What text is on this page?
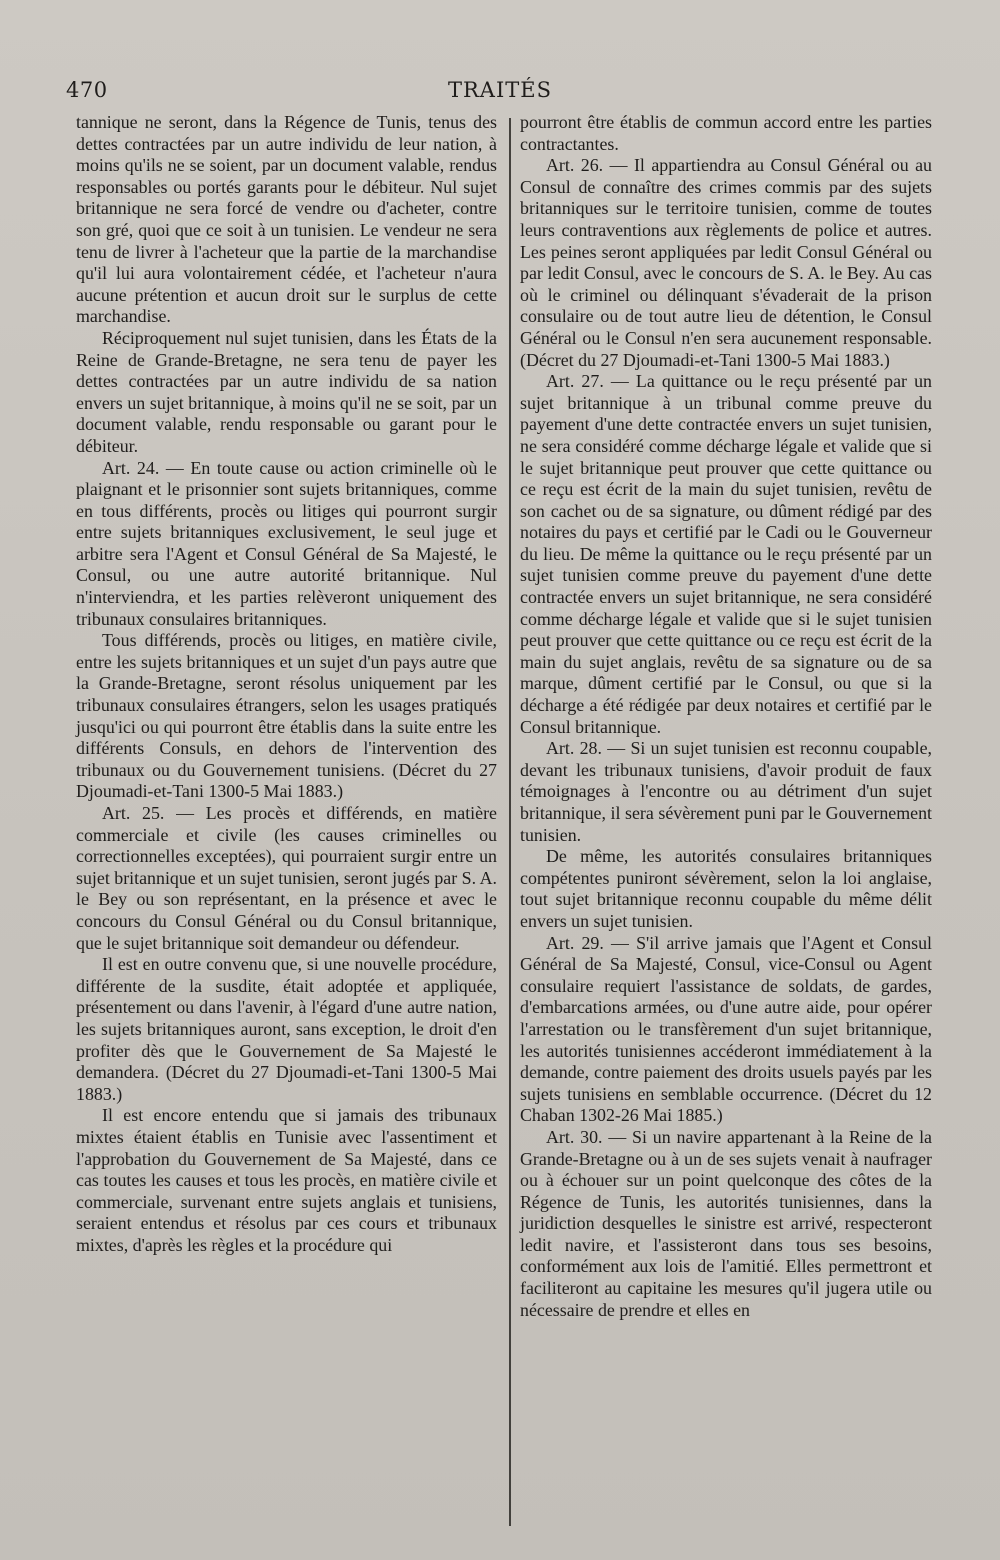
470	TRAITÉS

tannique ne seront, dans la Régence de Tunis, tenus des dettes contractées par un autre individu de leur nation, à moins qu'ils ne se soient, par un document valable, rendus responsables ou portés garants pour le débiteur. Nul sujet britannique ne sera forcé de vendre ou d'acheter, contre son gré, quoi que ce soit à un tunisien. Le vendeur ne sera tenu de livrer à l'acheteur que la partie de la marchandise qu'il lui aura volontairement cédée, et l'acheteur n'aura aucune prétention et aucun droit sur le surplus de cette marchandise.

Réciproquement nul sujet tunisien, dans les États de la Reine de Grande-Bretagne, ne sera tenu de payer les dettes contractées par un autre individu de sa nation envers un sujet britannique, à moins qu'il ne se soit, par un document valable, rendu responsable ou garant pour le débiteur.

Art. 24. — En toute cause ou action criminelle où le plaignant et le prisonnier sont sujets britanniques, comme en tous différents, procès ou litiges qui pourront surgir entre sujets britanniques exclusivement, le seul juge et arbitre sera l'Agent et Consul Général de Sa Majesté, le Consul, ou une autre autorité britannique. Nul n'interviendra, et les parties relèveront uniquement des tribunaux consulaires britanniques.

Tous différends, procès ou litiges, en matière civile, entre les sujets britanniques et un sujet d'un pays autre que la Grande-Bretagne, seront résolus uniquement par les tribunaux consulaires étrangers, selon les usages pratiqués jusqu'ici ou qui pourront être établis dans la suite entre les différents Consuls, en dehors de l'intervention des tribunaux ou du Gouvernement tunisiens. (Décret du 27 Djoumadi-et-Tani 1300-5 Mai 1883.)

Art. 25. — Les procès et différends, en matière commerciale et civile (les causes criminelles ou correctionnelles exceptées), qui pourraient surgir entre un sujet britannique et un sujet tunisien, seront jugés par S. A. le Bey ou son représentant, en la présence et avec le concours du Consul Général ou du Consul britannique, que le sujet britannique soit demandeur ou défendeur.

Il est en outre convenu que, si une nouvelle procédure, différente de la susdite, était adoptée et appliquée, présentement ou dans l'avenir, à l'égard d'une autre nation, les sujets britanniques auront, sans exception, le droit d'en profiter dès que le Gouvernement de Sa Majesté le demandera. (Décret du 27 Djoumadi-et-Tani 1300-5 Mai 1883.)

Il est encore entendu que si jamais des tribunaux mixtes étaient établis en Tunisie avec l'assentiment et l'approbation du Gouvernement de Sa Majesté, dans ce cas toutes les causes et tous les procès, en matière civile et commerciale, survenant entre sujets anglais et tunisiens, seraient entendus et résolus par ces cours et tribunaux mixtes, d'après les règles et la procédure qui

pourront être établis de commun accord entre les parties contractantes.

Art. 26. — Il appartiendra au Consul Général ou au Consul de connaître des crimes commis par des sujets britanniques sur le territoire tunisien, comme de toutes leurs contraventions aux règlements de police et autres. Les peines seront appliquées par ledit Consul Général ou par ledit Consul, avec le concours de S. A. le Bey. Au cas où le criminel ou délinquant s'évaderait de la prison consulaire ou de tout autre lieu de détention, le Consul Général ou le Consul n'en sera aucunement responsable. (Décret du 27 Djoumadi-et-Tani 1300-5 Mai 1883.)

Art. 27. — La quittance ou le reçu présenté par un sujet britannique à un tribunal comme preuve du payement d'une dette contractée envers un sujet tunisien, ne sera considéré comme décharge légale et valide que si le sujet britannique peut prouver que cette quittance ou ce reçu est écrit de la main du sujet tunisien, revêtu de son cachet ou de sa signature, ou dûment rédigé par des notaires du pays et certifié par le Cadi ou le Gouverneur du lieu. De même la quittance ou le reçu présenté par un sujet tunisien comme preuve du payement d'une dette contractée envers un sujet britannique, ne sera considéré comme décharge légale et valide que si le sujet tunisien peut prouver que cette quittance ou ce reçu est écrit de la main du sujet anglais, revêtu de sa signature ou de sa marque, dûment certifié par le Consul, ou que si la décharge a été rédigée par deux notaires et certifié par le Consul britannique.

Art. 28. — Si un sujet tunisien est reconnu coupable, devant les tribunaux tunisiens, d'avoir produit de faux témoignages à l'encontre ou au détriment d'un sujet britannique, il sera sévèrement puni par le Gouvernement tunisien.

De même, les autorités consulaires britanniques compétentes puniront sévèrement, selon la loi anglaise, tout sujet britannique reconnu coupable du même délit envers un sujet tunisien.

Art. 29. — S'il arrive jamais que l'Agent et Consul Général de Sa Majesté, Consul, vice-Consul ou Agent consulaire requiert l'assistance de soldats, de gardes, d'embarcations armées, ou d'une autre aide, pour opérer l'arrestation ou le transfèrement d'un sujet britannique, les autorités tunisiennes accéderont immédiatement à la demande, contre paiement des droits usuels payés par les sujets tunisiens en semblable occurrence. (Décret du 12 Chaban 1302-26 Mai 1885.)

Art. 30. — Si un navire appartenant à la Reine de la Grande-Bretagne ou à un de ses sujets venait à naufrager ou à échouer sur un point quelconque des côtes de la Régence de Tunis, les autorités tunisiennes, dans la juridiction desquelles le sinistre est arrivé, respecteront ledit navire, et l'assisteront dans tous ses besoins, conformément aux lois de l'amitié. Elles permettront et faciliteront au capitaine les mesures qu'il jugera utile ou nécessaire de prendre et elles en
